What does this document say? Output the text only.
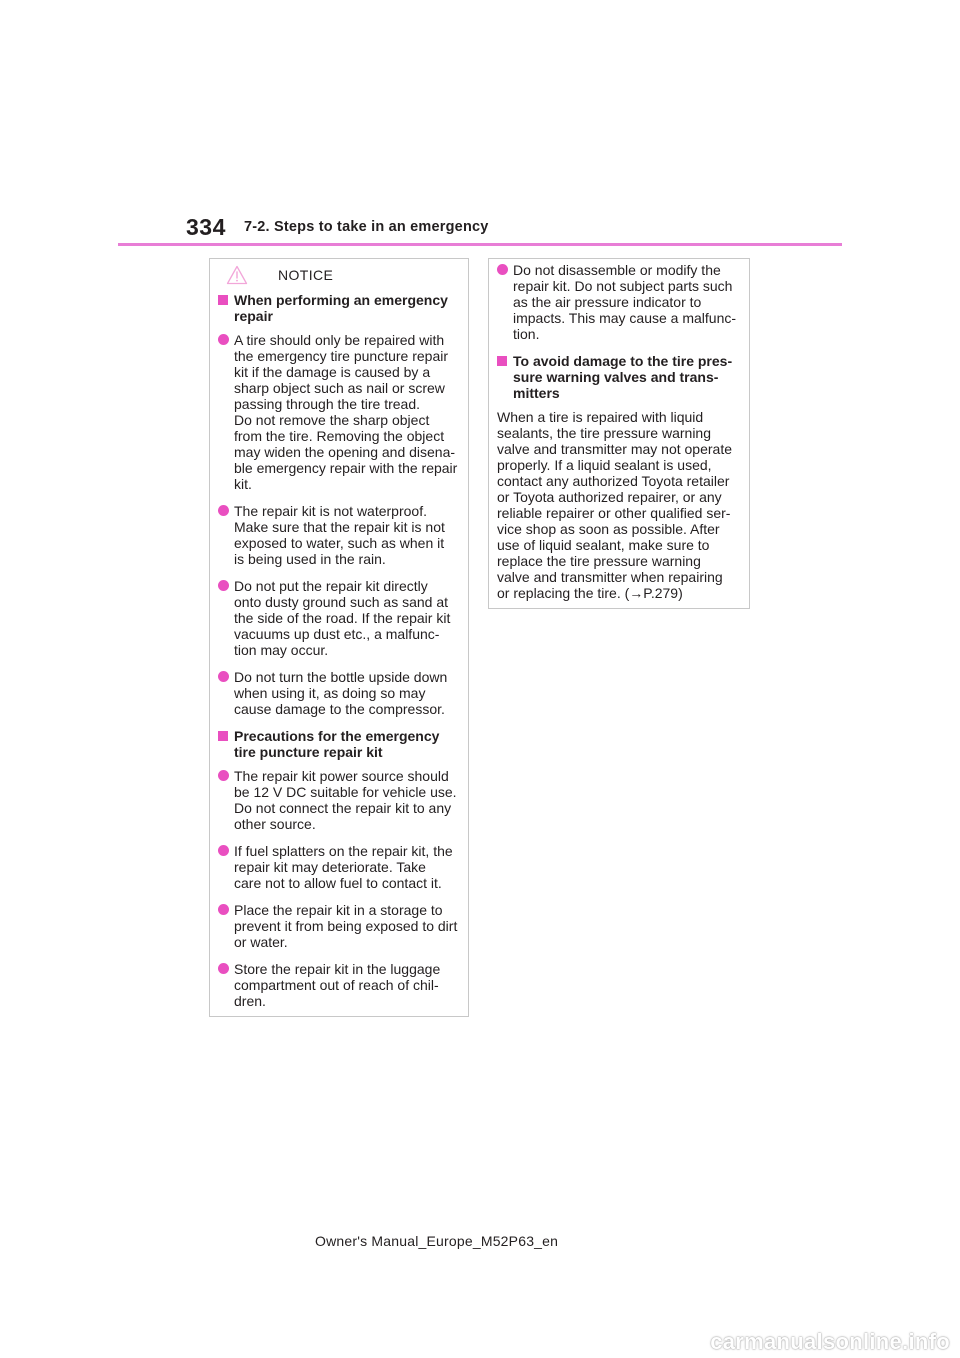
334 7-2. Steps to take in an emergency
NOTICE
When performing an emergency
repair
A tire should only be repaired with
the emergency tire puncture repair
kit if the damage is caused by a
sharp object such as nail or screw
passing through the tire tread.
Do not remove the sharp object
from the tire. Removing the object
may widen the opening and disena-
ble emergency repair with the repair
kit.
The repair kit is not waterproof.
Make sure that the repair kit is not
exposed to water, such as when it
is being used in the rain.
Do not put the repair kit directly
onto dusty ground such as sand at
the side of the road. If the repair kit
vacuums up dust etc., a malfunc-
tion may occur.
Do not turn the bottle upside down
when using it, as doing so may
cause damage to the compressor.
Precautions for the emergency
tire puncture repair kit
The repair kit power source should
be 12 V DC suitable for vehicle use.
Do not connect the repair kit to any
other source.
If fuel splatters on the repair kit, the
repair kit may deteriorate. Take
care not to allow fuel to contact it.
Place the repair kit in a storage to
prevent it from being exposed to dirt
or water.
Store the repair kit in the luggage
compartment out of reach of chil-
dren.
Do not disassemble or modify the
repair kit. Do not subject parts such
as the air pressure indicator to
impacts. This may cause a malfunc-
tion.
To avoid damage to the tire pres-
sure warning valves and trans-
mitters
When a tire is repaired with liquid
sealants, the tire pressure warning
valve and transmitter may not operate
properly. If a liquid sealant is used,
contact any authorized Toyota retailer
or Toyota authorized repairer, or any
reliable repairer or other qualified ser-
vice shop as soon as possible. After
use of liquid sealant, make sure to
replace the tire pressure warning
valve and transmitter when repairing
or replacing the tire. (→P.279)
Owner's Manual_Europe_M52P63_en
carmanualsonline.info
